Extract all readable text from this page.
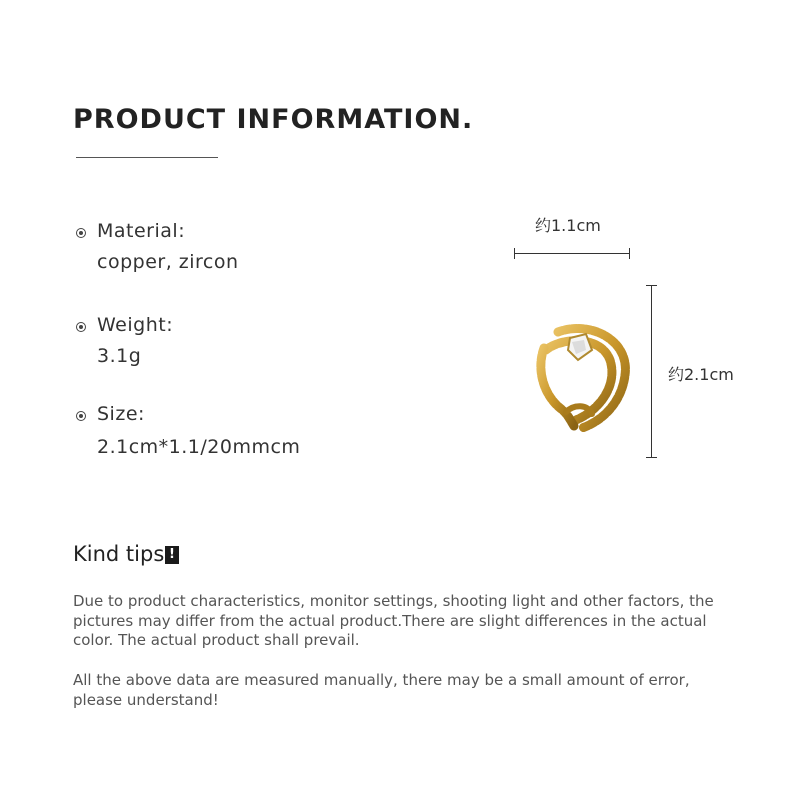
PRODUCT INFORMATION.
Material:
copper, zircon
Weight:
3.1g
Size:
2.1cm*1.1/20mmcm
约1.1cm
约2.1cm
Kind tips !
Due to product characteristics, monitor settings, shooting light and other factors, the pictures may differ from the actual product.There are slight differences in the actual color. The actual product shall prevail.
All the above data are measured manually, there may be a small amount of error, please understand!
